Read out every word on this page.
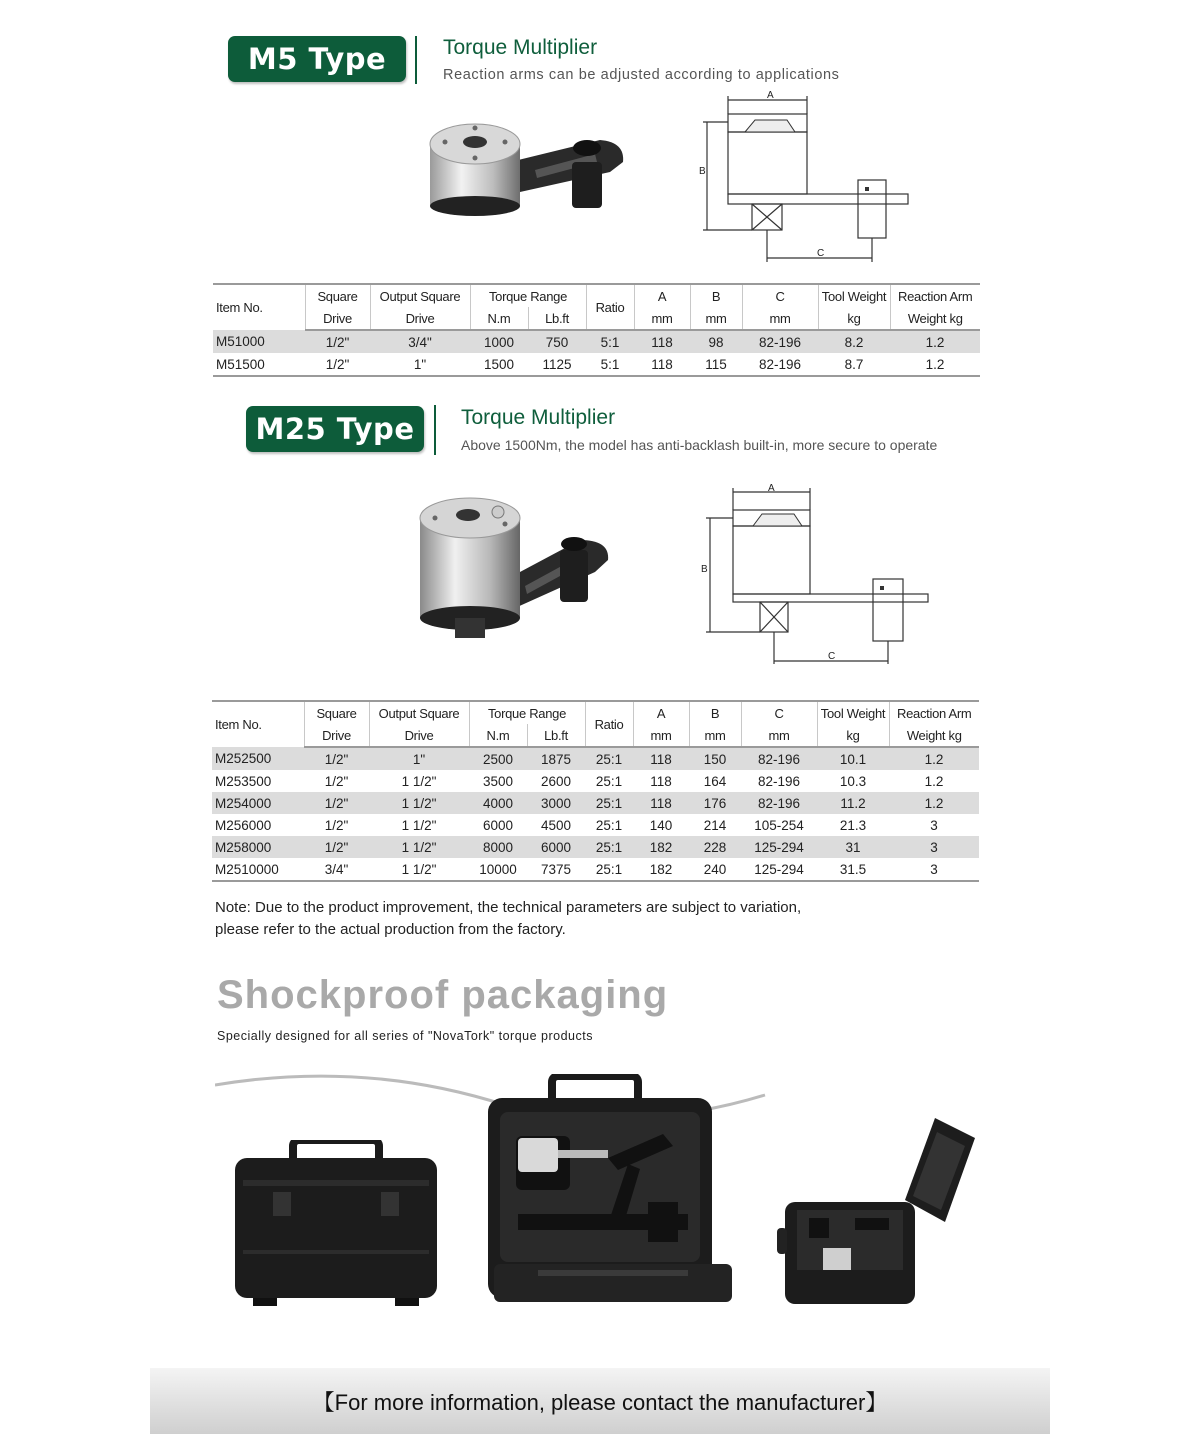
M5 Type	Torque Multiplier
Reaction arms can be adjusted according to applications
A
B
C
Item No.	Square	Output Square	Torque Range		Ratio	A	B	C	Tool Weight	Reaction Arm
	Drive	Drive	N.m	Lb.ft		mm	mm	mm	kg	Weight kg
M51000	1/2"	3/4"	1000	750	5:1	118	98	82-196	8.2	1.2
M51500	1/2"	1"	1500	1125	5:1	118	115	82-196	8.7	1.2
M25 Type Torque Multiplier
Above 1500Nm, the model has anti-backlash built-in, more secure to operate
A
B
C
Item No.	Square	Output Square	Torque Range		Ratio	A	B	C	Tool Weight	Reaction Arm
	Drive	Drive	N.m	Lb.ft		mm	mm	mm	kg	Weight kg
M252500	1/2"	1"	2500	1875	25:1	118	150	82-196	10.1	1.2
M253500	1/2"	1 1/2"	3500	2600	25:1	118	164	82-196	10.3	1.2
M254000	1/2"	1 1/2"	4000	3000	25:1	118	176	82-196	11.2	1.2
M256000	1/2"	1 1/2"	6000	4500	25:1	140	214	105-254	21.3	3
M258000	1/2"	1 1/2"	8000	6000	25:1	182	228	125-294	31	3
M2510000	3/4"	1 1/2"	10000	7375	25:1	182	240	125-294	31.5	3
Note: Due to the product improvement, the technical parameters are subject to variation,
please refer to the actual production from the factory.
Shockproof packaging
Specially designed for all series of "NovaTork" torque products
【For more information, please contact the manufacturer】
